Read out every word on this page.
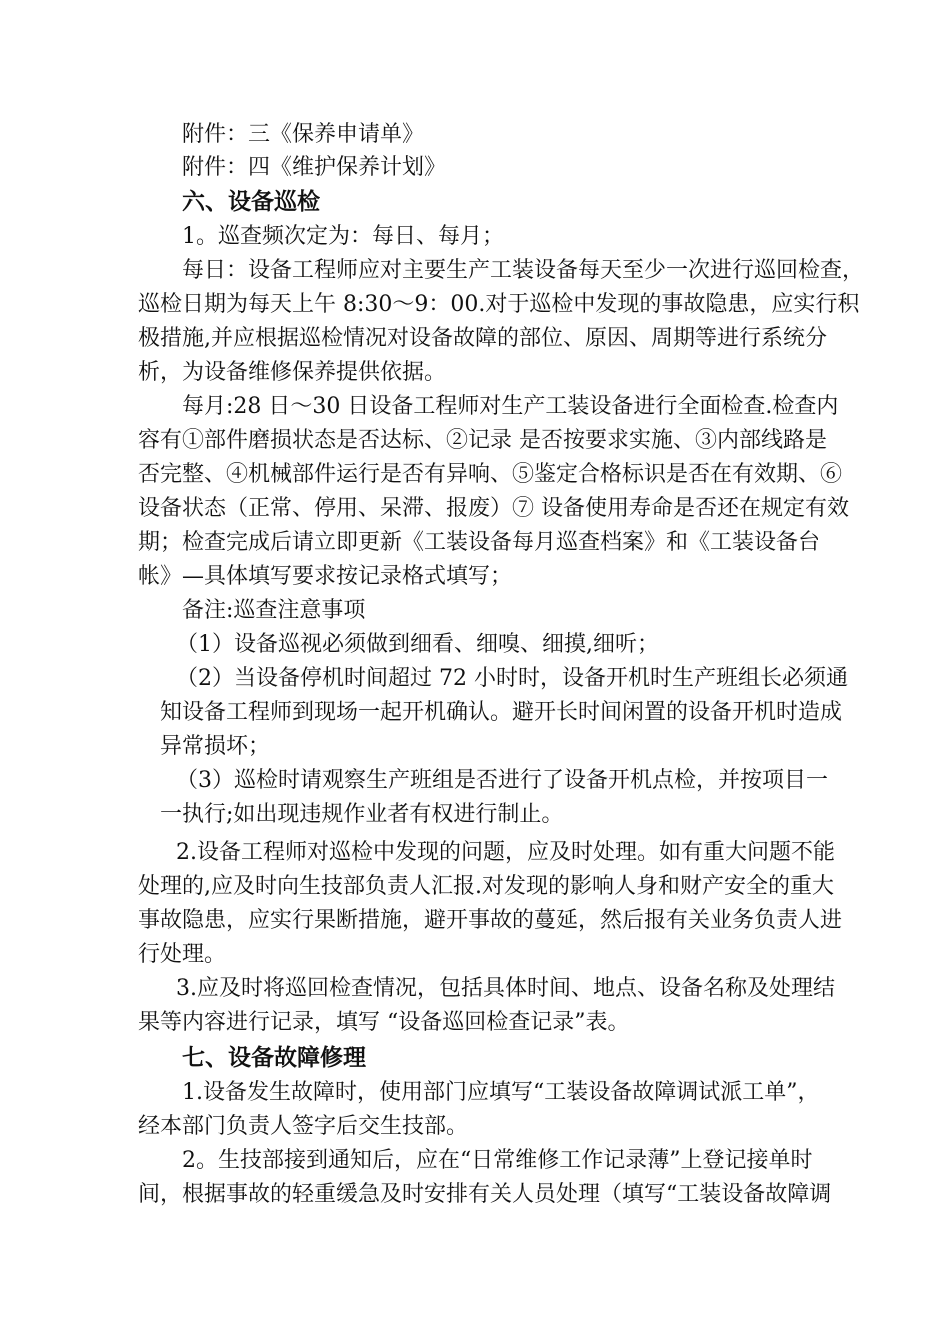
附件：三《保养申请单》
附件：四《维护保养计划》
六、设备巡检
1。巡查频次定为：每日、每月；
每日：设备工程师应对主要生产工装设备每天至少一次进行巡回检查，
巡检日期为每天上午 8:30～9：00.对于巡检中发现的事故隐患，应实行积
极措施,并应根据巡检情况对设备故障的部位、原因、周期等进行系统分
析，为设备维修保养提供依据。
每月:28 日～30 日设备工程师对生产工装设备进行全面检查.检查内
容有①部件磨损状态是否达标、②记录 是否按要求实施、③内部线路是
否完整、④机械部件运行是否有异响、⑤鉴定合格标识是否在有效期、⑥
设备状态（正常、停用、呆滞、报废）⑦ 设备使用寿命是否还在规定有效
期；检查完成后请立即更新《工装设备每月巡查档案》和《工装设备台
帐》—具体填写要求按记录格式填写；
备注:巡查注意事项
（1）设备巡视必须做到细看、细嗅、细摸,细听；
（2）当设备停机时间超过 72 小时时，设备开机时生产班组长必须通
知设备工程师到现场一起开机确认。避开长时间闲置的设备开机时造成
异常损坏；
（3）巡检时请观察生产班组是否进行了设备开机点检，并按项目一
一执行;如出现违规作业者有权进行制止。
2.设备工程师对巡检中发现的问题，应及时处理。如有重大问题不能
处理的,应及时向生技部负责人汇报.对发现的影响人身和财产安全的重大
事故隐患，应实行果断措施，避开事故的蔓延，然后报有关业务负责人进
行处理。
3.应及时将巡回检查情况，包括具体时间、地点、设备名称及处理结
果等内容进行记录，填写 “设备巡回检查记录”表。
七、设备故障修理
1.设备发生故障时，使用部门应填写“工装设备故障调试派工单”，
经本部门负责人签字后交生技部。
2。生技部接到通知后，应在“日常维修工作记录薄”上登记接单时
间，根据事故的轻重缓急及时安排有关人员处理（填写“工装设备故障调
